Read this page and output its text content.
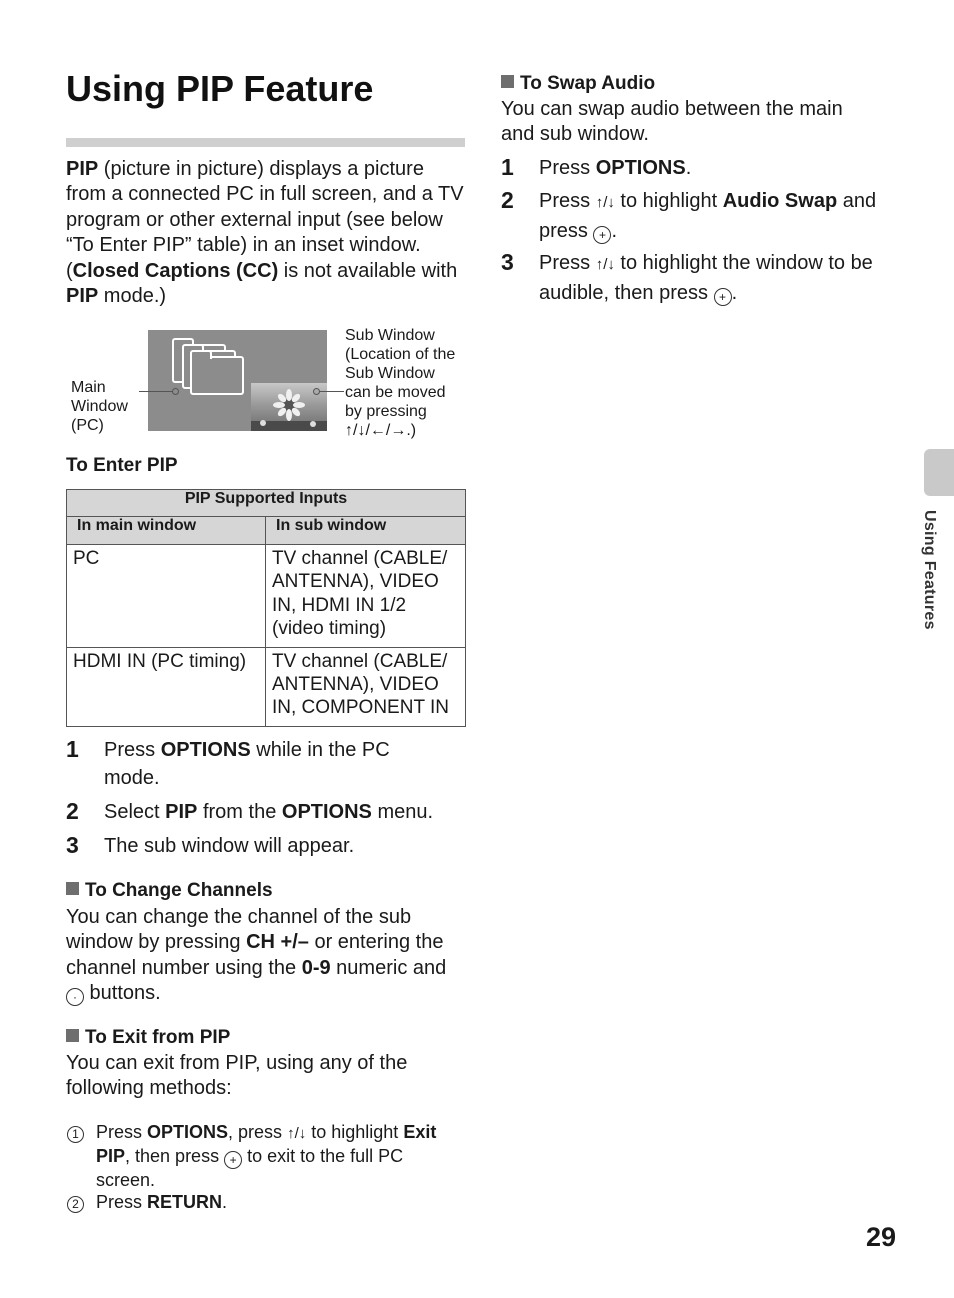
Using PIP Feature
PIP (picture in picture) displays a picture from a connected PC in full screen, and a TV program or other external input (see below “To Enter PIP” table) in an inset window. (Closed Captions (CC) is not available with PIP mode.)
Main
Window
(PC)
Sub Window
(Location of the
Sub Window
can be moved
by pressing
↑/↓/←/→.)
To Enter PIP
PIP Supported Inputs	
In main window	In sub window
PC	TV channel (CABLE/ ANTENNA), VIDEO IN, HDMI IN 1/2 (video timing)
HDMI IN (PC timing)	TV channel (CABLE/ ANTENNA), VIDEO IN, COMPONENT IN
1 Press OPTIONS while in the PC mode.
2 Select PIP from the OPTIONS menu.
3 The sub window will appear.
To Change Channels
You can change the channel of the sub window by pressing CH +/– or entering the channel number using the 0-9 numeric and · buttons.
To Exit from PIP
You can exit from PIP, using any of the following methods:
1 Press OPTIONS, press ↑/↓ to highlight Exit PIP, then press + to exit to the full PC screen.
2 Press RETURN.
To Swap Audio
You can swap audio between the main and sub window.
1 Press OPTIONS.
2 Press ↑/↓ to highlight Audio Swap and press + .
3 Press ↑/↓ to highlight the window to be audible, then press + .
Using Features
29
